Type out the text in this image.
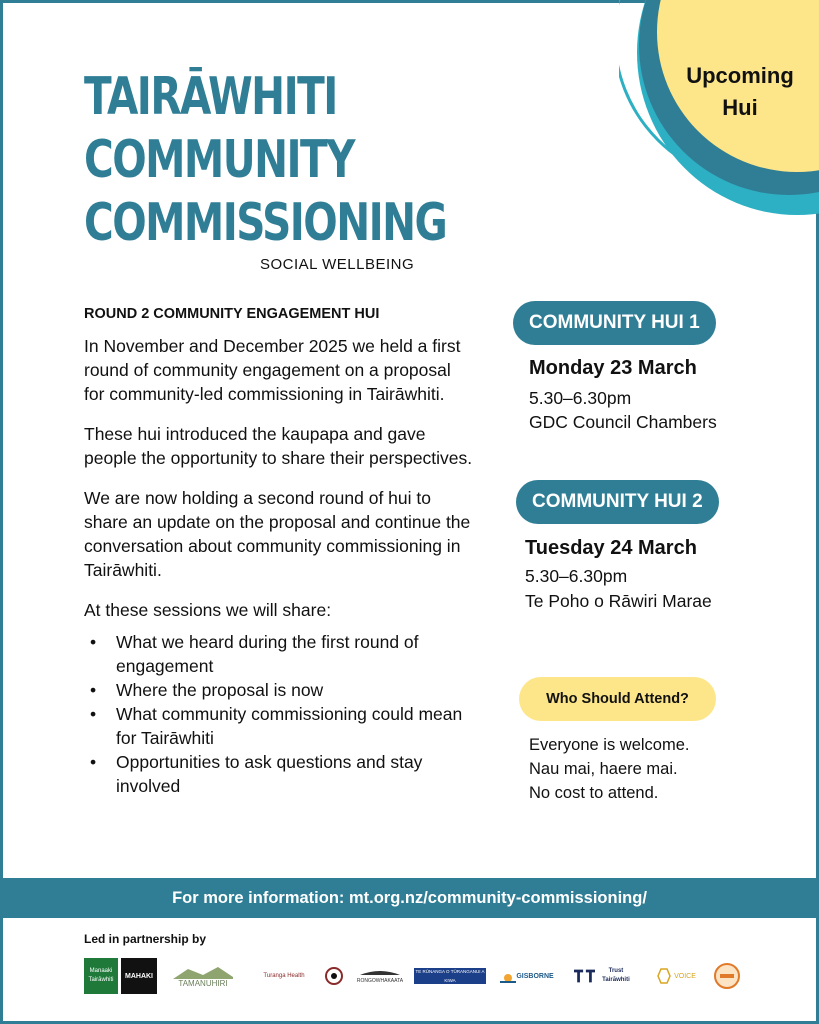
Upcoming
Hui
TAIRĀWHITI
COMMUNITY
COMMISSIONING
SOCIAL WELLBEING
ROUND 2 COMMUNITY ENGAGEMENT HUI

In November and December 2025 we held a first round of community engagement on a proposal for community-led commissioning in Tairāwhiti.

These hui introduced the kaupapa and gave people the opportunity to share their perspectives.

We are now holding a second round of hui to share an update on the proposal and continue the conversation about community commissioning in Tairāwhiti.

At these sessions we will share:

• What we heard during the first round of engagement
• Where the proposal is now
• What community commissioning could mean for Tairāwhiti
• Opportunities to ask questions and stay involved
COMMUNITY HUI 1
Monday 23 March
5.30–6.30pm
GDC Council Chambers
COMMUNITY HUI 2
Tuesday 24 March
5.30–6.30pm
Te Poho o Rāwiri Marae
Who Should Attend?
Everyone is welcome.
Nau mai, haere mai.
No cost to attend.
For more information: mt.org.nz/community-commissioning/
Led in partnership by
Manaaki Tairāwhiti
MAHAKI
TAMANUHIRI
Turanga Health
RONGOWHAKAATA
TE RŪNANGA O TŪRANGANUI A KIWA
GISBORNE
Trust Tairāwhiti
VOICE
